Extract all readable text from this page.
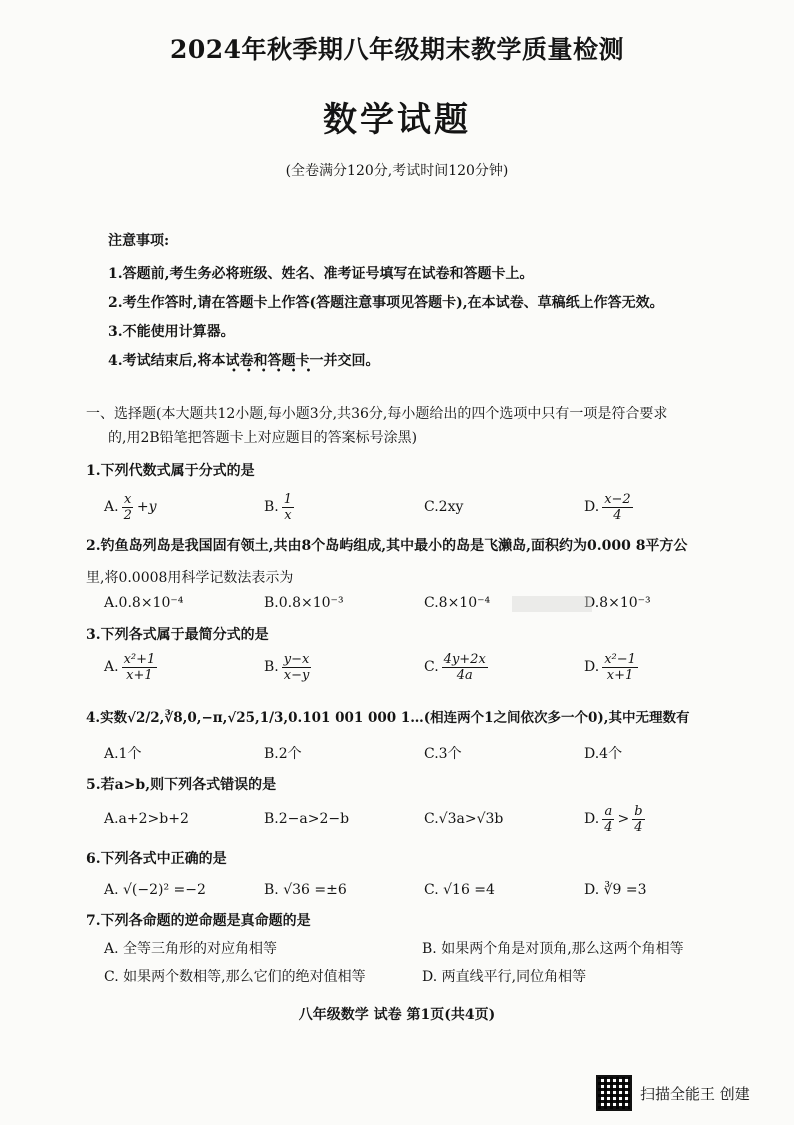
2024年秋季期八年级期末教学质量检测
数学试题
(全卷满分120分,考试时间120分钟)
注意事项:
1.答题前,考生务必将班级、姓名、准考证号填写在试卷和答题卡上。
2.考生作答时,请在答题卡上作答(答题注意事项见答题卡),在本试卷、草稿纸上作答无效。
3.不能使用计算器。
4.考试结束后,将本试卷和答题卡一并交回。
••••••
一、选择题(本大题共12小题,每小题3分,共36分,每小题给出的四个选项中只有一项是符合要求
的,用2B铅笔把答题卡上对应题目的答案标号涂黑)
1.下列代数式属于分式的是
A. $\frac{x}{2} +y$	B. $\frac{1}{x}$	C.2xy	D. $\frac{x-2}{4}$
2.钓鱼岛列岛是我国固有领土,共由8个岛屿组成,其中最小的岛是飞濑岛,面积约为0.000 8平方公
里,将0.0008用科学记数法表示为
A.0.8×10⁻⁴	B.0.8×10⁻³	C.8×10⁻⁴	D.8×10⁻³
3.下列各式属于最简分式的是
A. $\frac{\text{x²+1}}{x+1}$	B. $\frac{y-x}{x-y}$	C. $\frac{4y+2x}{4a}$	D. $\frac{\text{x²−1}}{x+1}$
4.实数√2/2,∛8,0,−π,√25,1/3,0.101 001 000 1…(相连两个1之间依次多一个0),其中无理数有
A.1个	B.2个	C.3个	D.4个
5.若a>b,则下列各式错误的是
A.a+2>b+2	B.2−a>2−b	C.√3a>√3b	D. $\frac{a}{4} > \frac{b}{4}$
6.下列各式中正确的是
A. √(−2)² =−2	B. √36 =±6	C. √16 =4	D. ∛9 =3
7.下列各命题的逆命题是真命题的是
A. 全等三角形的对应角相等	B. 如果两个角是对顶角,那么这两个角相等
C. 如果两个数相等,那么它们的绝对值相等	D. 两直线平行,同位角相等
八年级数学 试卷 第1页(共4页)
扫描全能王 创建
